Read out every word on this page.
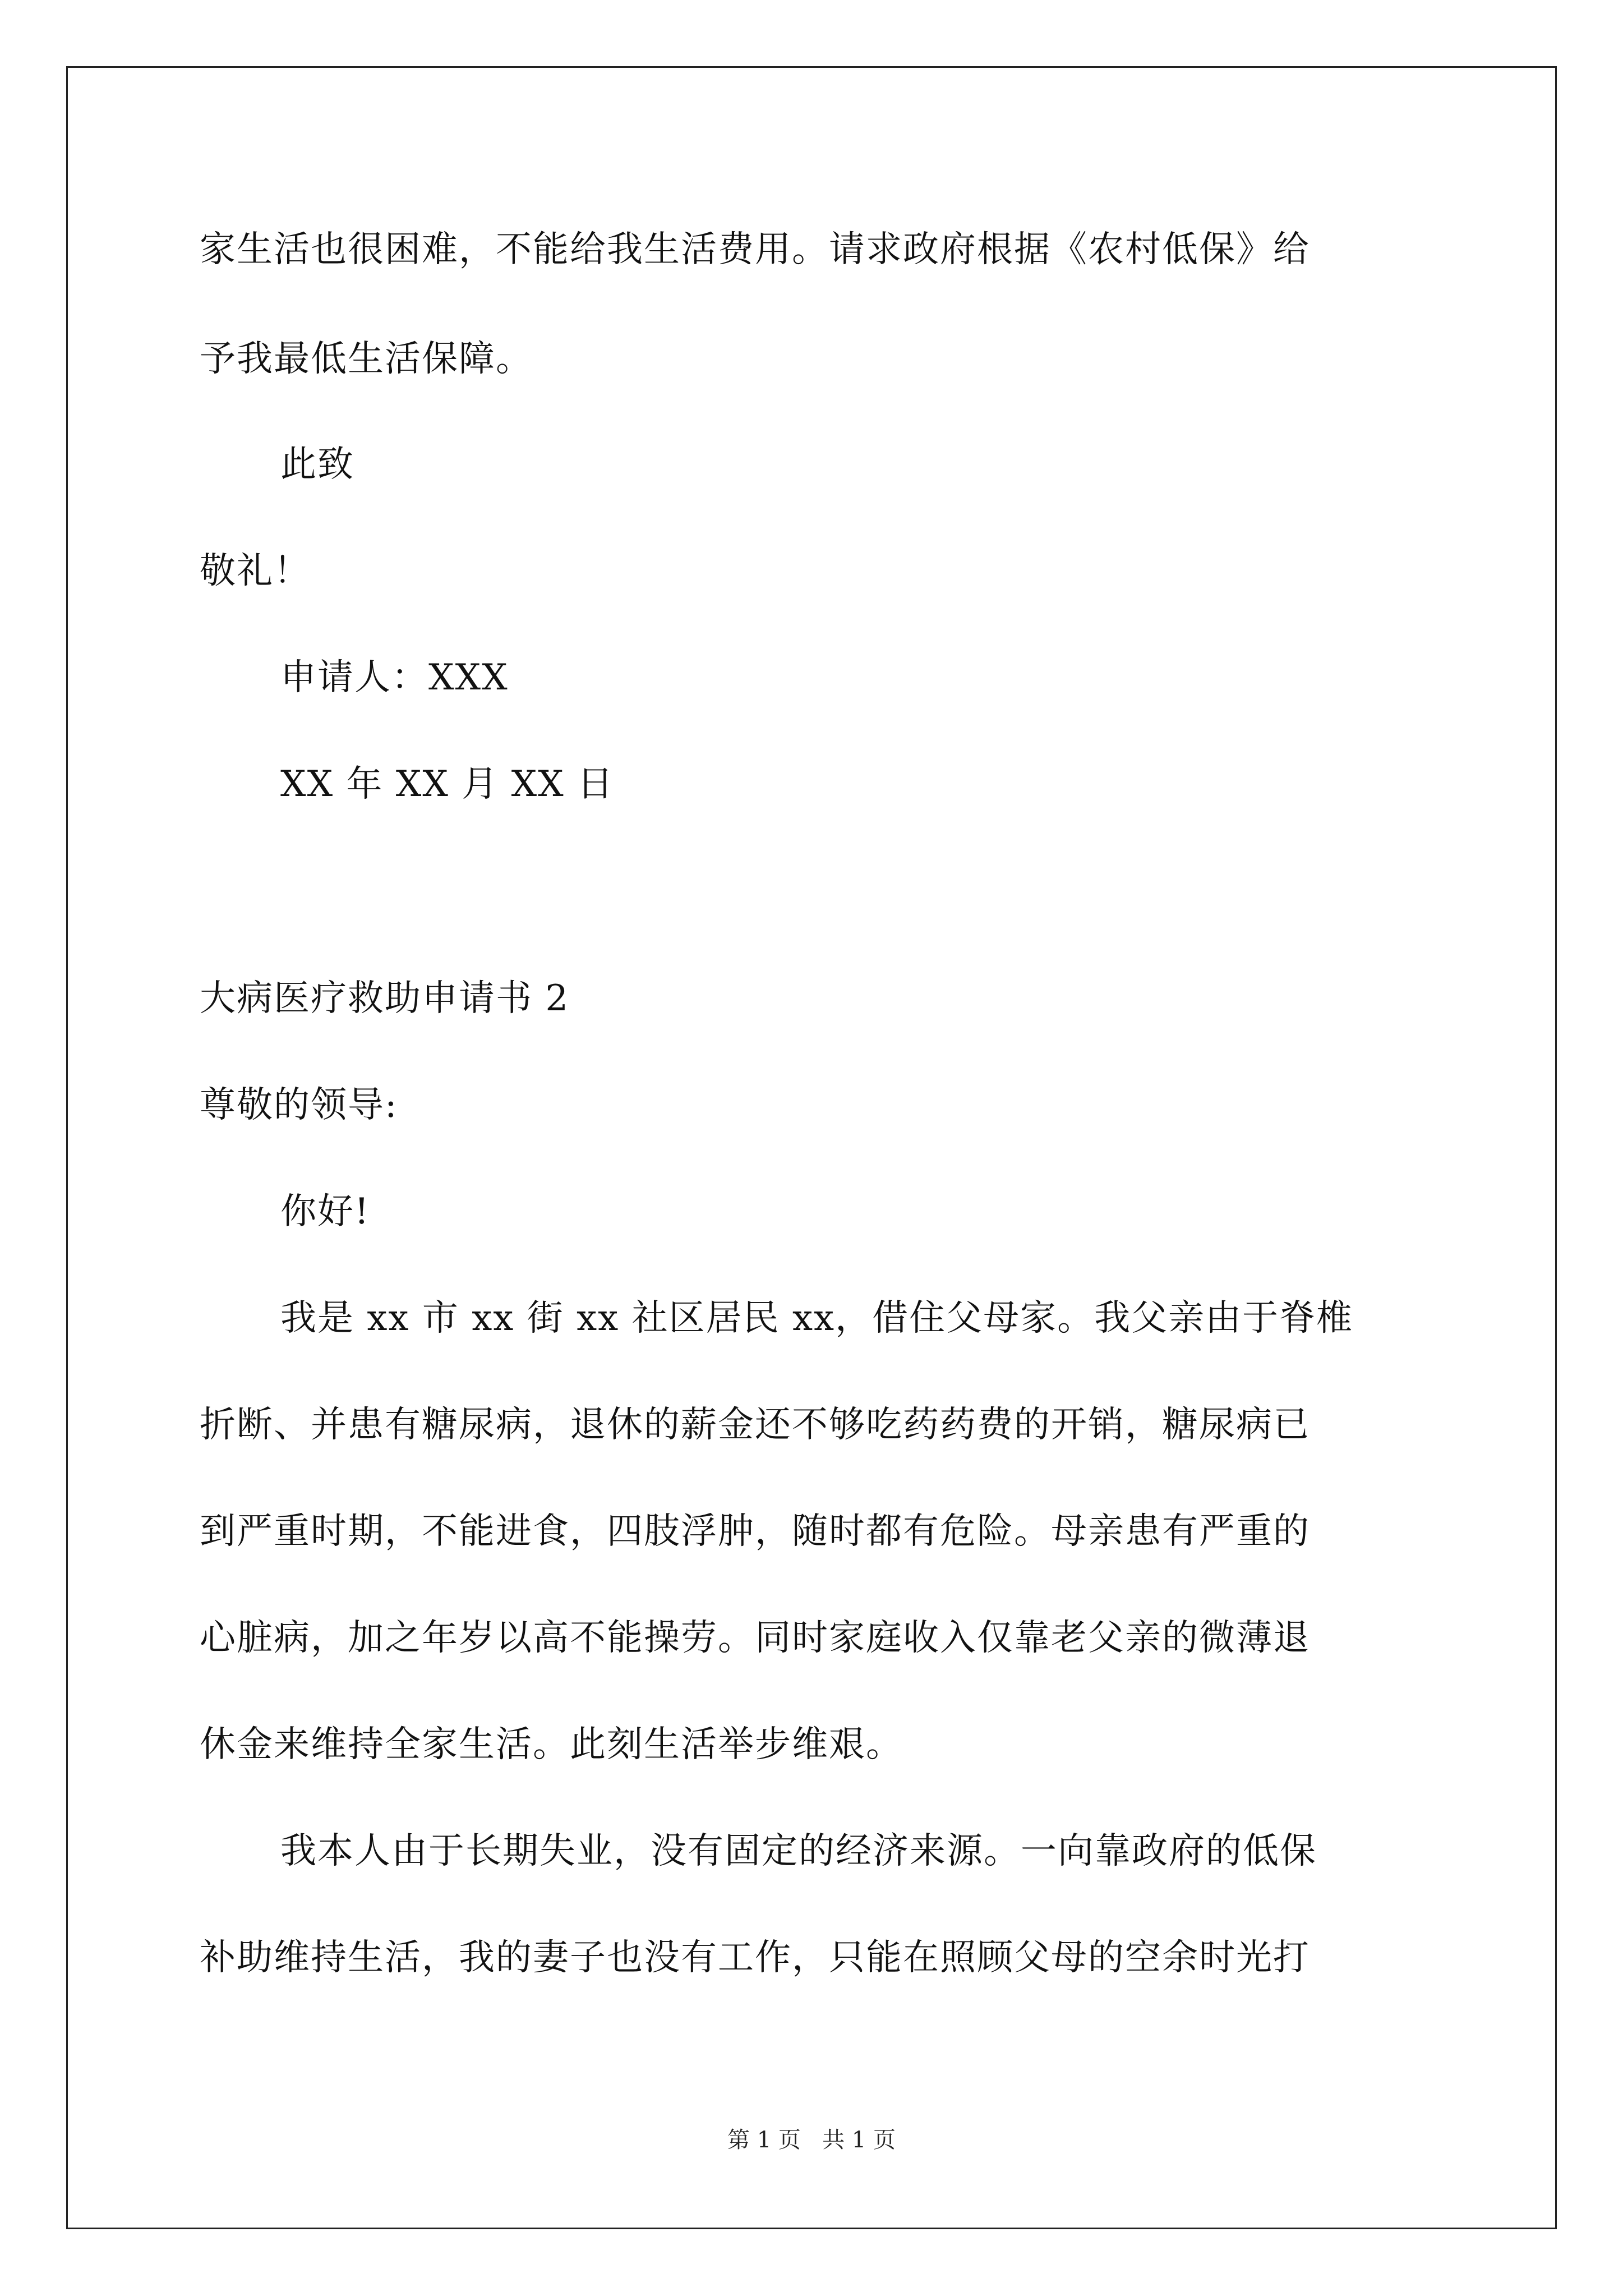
家生活也很困难，不能给我生活费用。请求政府根据《农村低保》给
予我最低生活保障。
此致
敬礼！
申请人：XXX
XX 年 XX 月 XX 日
大病医疗救助申请书 2
尊敬的领导:
你好!
我是 xx 市 xx 街 xx 社区居民 xx，借住父母家。我父亲由于脊椎
折断、并患有糖尿病，退休的薪金还不够吃药药费的开销，糖尿病已
到严重时期，不能进食，四肢浮肿，随时都有危险。母亲患有严重的
心脏病，加之年岁以高不能操劳。同时家庭收入仅靠老父亲的微薄退
休金来维持全家生活。此刻生活举步维艰。
我本人由于长期失业，没有固定的经济来源。一向靠政府的低保
补助维持生活，我的妻子也没有工作，只能在照顾父母的空余时光打
第 1 页   共 1 页
